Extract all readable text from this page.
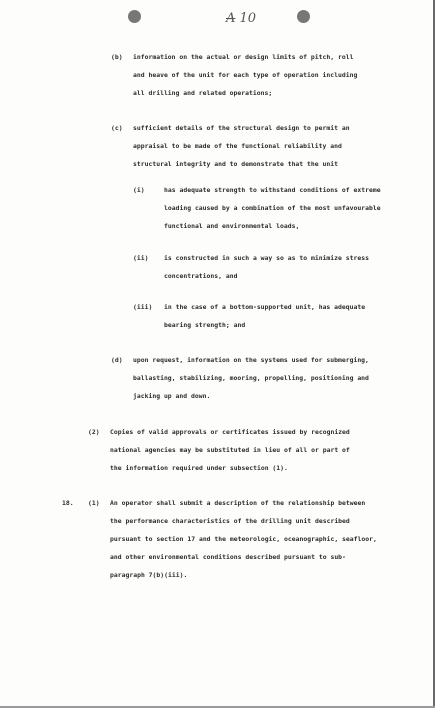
A 10
(b) information on the actual or design limits of pitch, roll
and heave of the unit for each type of operation including
all drilling and related operations;
(c) sufficient details of the structural design to permit an
appraisal to be made of the functional reliability and
structural integrity and to demonstrate that the unit
(i)	has adequate strength to withstand conditions of extreme
loading caused by a combination of the most unfavourable
functional and environmental loads,
(ii) is constructed in such a way so as to minimize stress
concentrations, and
(iii) in the case of a bottom-supported unit, has adequate
bearing strength; and
(d) upon request, information on the systems used for submerging,
ballasting, stabilizing, mooring, propelling, positioning and
jacking up and down.
(2) Copies of valid approvals or certificates issued by recognized
national agencies may be substituted in lieu of all or part of
the information required under subsection (1).
18. (1) An operator shall submit a description of the relationship between
the performance characteristics of the drilling unit described
pursuant to section 17 and the meteorologic, oceanographic, seafloor,
and other environmental conditions described pursuant to sub-
paragraph 7(b)(iii).
